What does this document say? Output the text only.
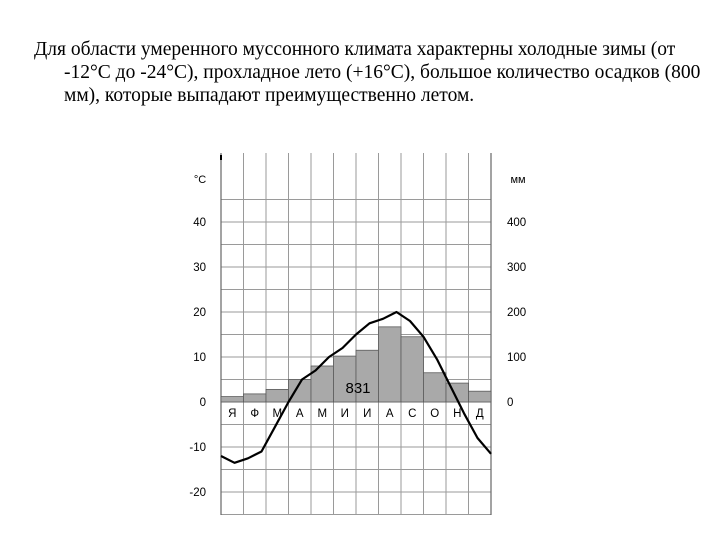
Для области умеренного муссонного климата характерны холодные зимы (от -12°С до -24°С), прохладное лето (+16°С), большое количество осадков (800 мм), которые выпадают преимущественно летом.
Я Ф М А М И И А С О Н Д
°С	мм
40
30
20
10
0
-10
-20
400
300
200
100
0
831
